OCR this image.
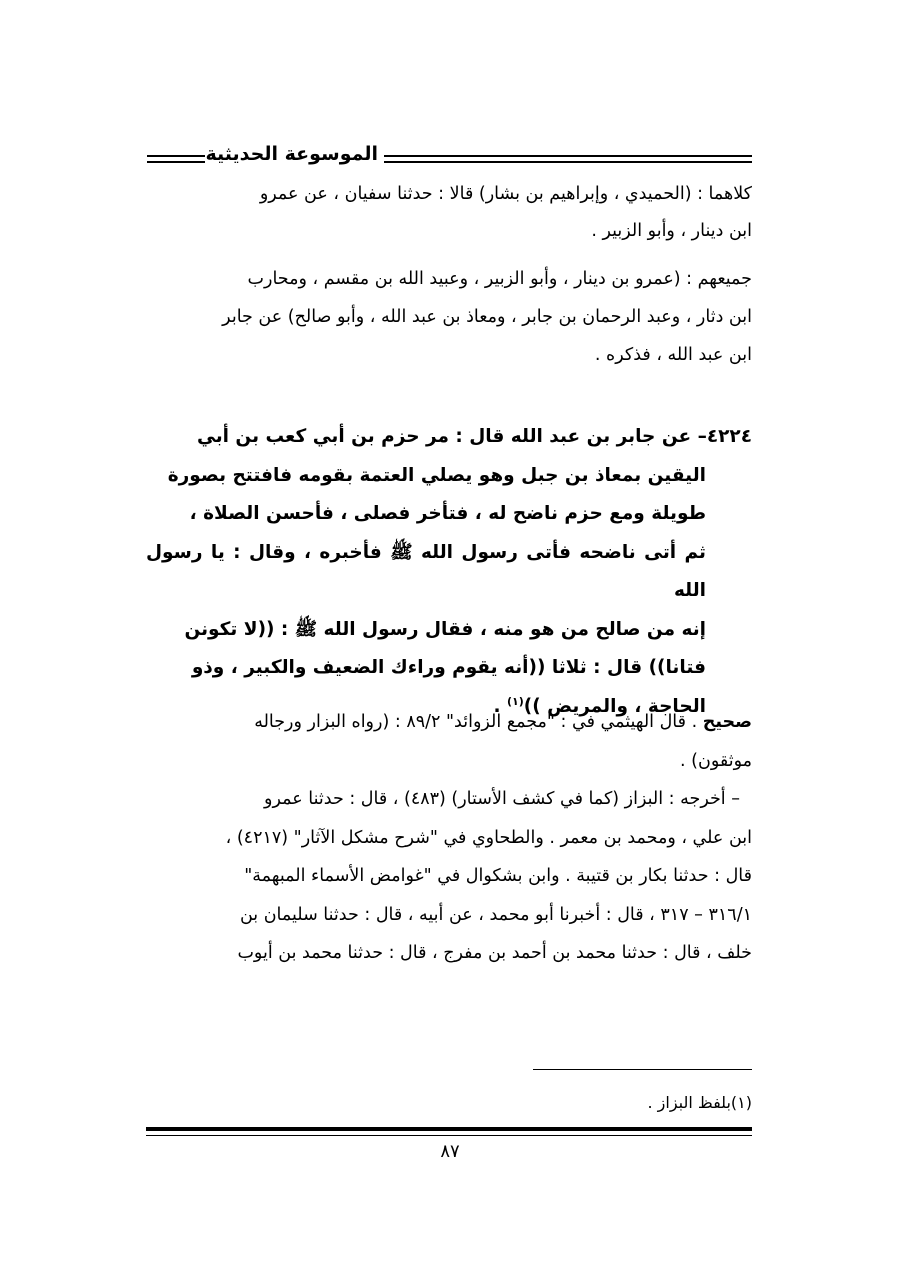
الموسوعة الحديثية

كلاهما : (الحميدي ، وإبراهيم بن بشار) قالا : حدثنا سفيان ، عن عمرو

ابن دينار ، وأبو الزبير .

جميعهم : (عمرو بن دينار ، وأبو الزبير ، وعبيد الله بن مقسم ، ومحارب

ابن دثار ، وعبد الرحمان بن جابر ، ومعاذ بن عبد الله ، وأبو صالح) عن جابر

ابن عبد الله ، فذكره .

٤٢٢٤– عن جابر بن عبد الله قال : مر حزم بن أبي كعب بن أبي

اليقين بمعاذ بن جبل وهو يصلي العتمة بقومه فافتتح بصورة

طويلة ومع حزم ناضح له ، فتأخر فصلى ، فأحسن الصلاة ،

ثم أتى ناضحه فأتى رسول الله ﷺ فأخبره ، وقال : يا رسول الله

إنه من صالح من هو منه ، فقال رسول الله ﷺ : ((لا تكونن

فتانا)) قال : ثلاثا ((أنه يقوم وراءك الضعيف والكبير ، وذو

الحاجة ، والمريض ))$^{(١)}$ .

صحيح . قال الهيثمي في : "مجمع الزوائد" ٨٩/٢ : (رواه البزار ورجاله

موثقون) .

– أخرجه : البزاز (كما في كشف الأستار) (٤٨٣) ، قال : حدثنا عمرو

ابن علي ، ومحمد بن معمر . والطحاوي في "شرح مشكل الآثار" (٤٢١٧) ،

قال : حدثنا بكار بن قتيبة . وابن بشكوال في "غوامض الأسماء المبهمة"

٣١٦/١ – ٣١٧ ، قال : أخبرنا أبو محمد ، عن أبيه ، قال : حدثنا سليمان بن

خلف ، قال : حدثنا محمد بن أحمد بن مفرج ، قال : حدثنا محمد بن أيوب

(١)بلفظ البزاز .
٨٧
